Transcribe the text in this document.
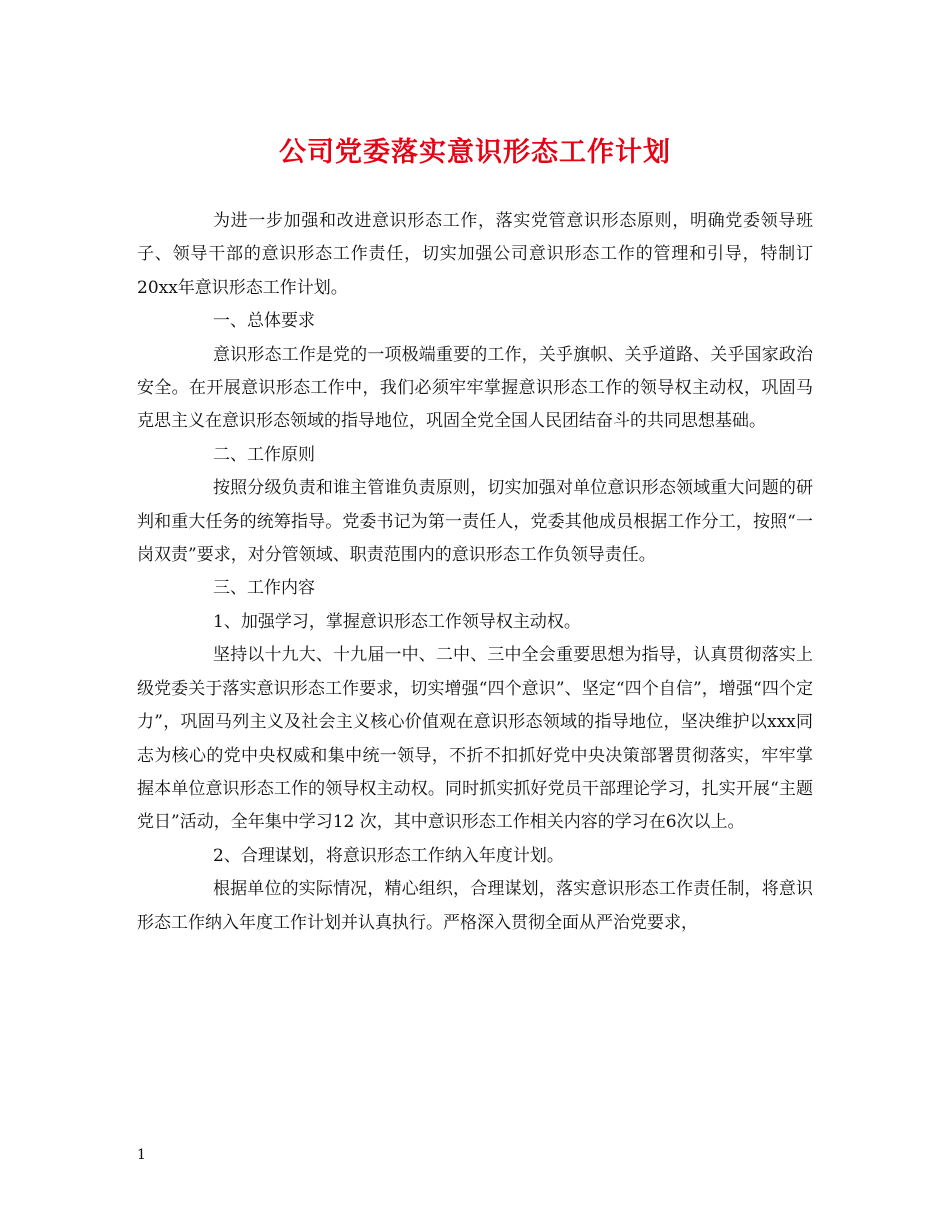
公司党委落实意识形态工作计划

为进一步加强和改进意识形态工作，落实党管意识形态原则，明确党委领导班子、领导干部的意识形态工作责任，切实加强公司意识形态工作的管理和引导，特制订20xx年意识形态工作计划。

一、总体要求

意识形态工作是党的一项极端重要的工作，关乎旗帜、关乎道路、关乎国家政治安全。在开展意识形态工作中，我们必须牢牢掌握意识形态工作的领导权主动权，巩固马克思主义在意识形态领域的指导地位，巩固全党全国人民团结奋斗的共同思想基础。

二、工作原则

按照分级负责和谁主管谁负责原则，切实加强对单位意识形态领域重大问题的研判和重大任务的统筹指导。党委书记为第一责任人，党委其他成员根据工作分工，按照“一岗双责”要求，对分管领域、职责范围内的意识形态工作负领导责任。

三、工作内容

1、加强学习，掌握意识形态工作领导权主动权。

坚持以十九大、十九届一中、二中、三中全会重要思想为指导，认真贯彻落实上级党委关于落实意识形态工作要求，切实增强“四个意识”、坚定“四个自信”，增强“四个定力”，巩固马列主义及社会主义核心价值观在意识形态领域的指导地位，坚决维护以xxx同志为核心的党中央权威和集中统一领导，不折不扣抓好党中央决策部署贯彻落实，牢牢掌握本单位意识形态工作的领导权主动权。同时抓实抓好党员干部理论学习，扎实开展“主题党日”活动，全年集中学习12 次，其中意识形态工作相关内容的学习在6次以上。

2、合理谋划，将意识形态工作纳入年度计划。

根据单位的实际情况，精心组织，合理谋划，落实意识形态工作责任制，将意识形态工作纳入年度工作计划并认真执行。严格深入贯彻全面从严治党要求，

1
